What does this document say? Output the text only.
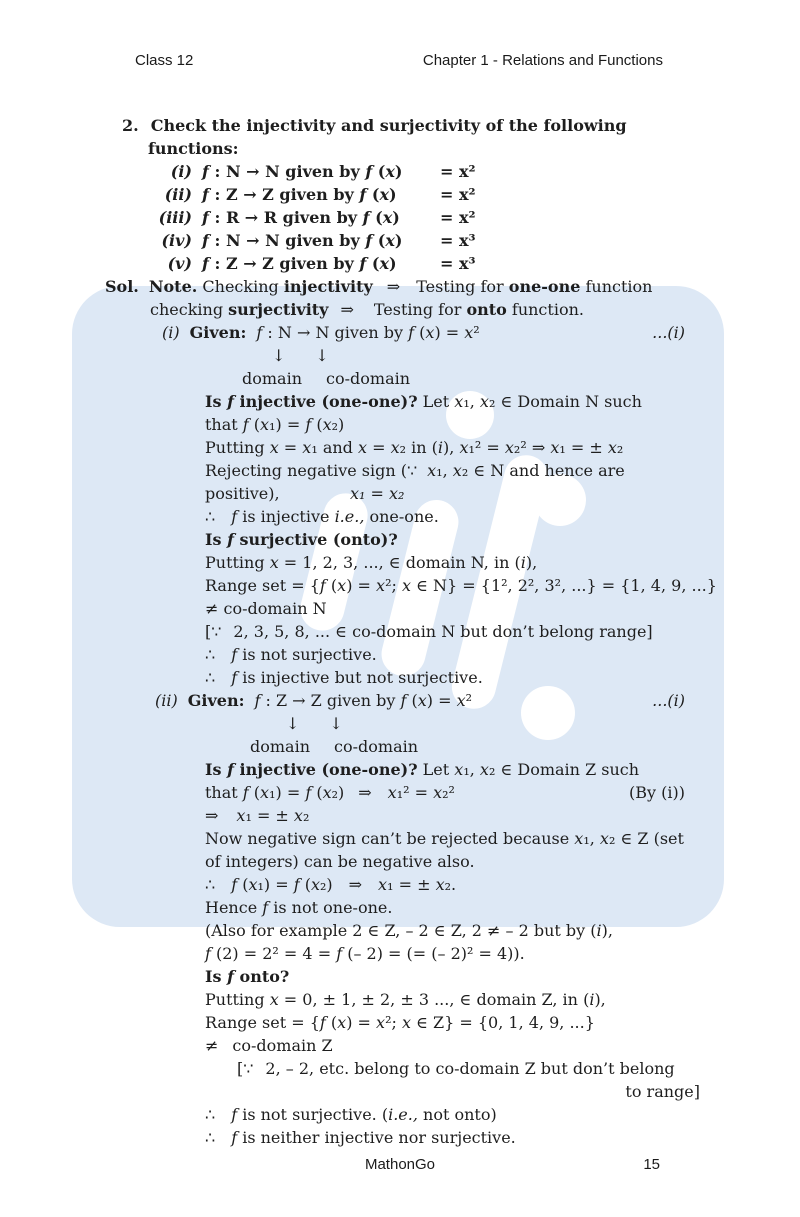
Class 12	Chapter 1 - Relations and Functions
2. Check the injectivity and surjectivity of the following
functions:
(i) f : N → N given by f (x) = x²
(ii) f : Z → Z given by f (x)	= x²
(iii) f : R → R given by f (x)	= x²
(iv) f : N → N given by f (x) = x³
(v) f : Z → Z given by f (x)	= x³
Sol. Note. Checking injectivity ⇒ Testing for one-one function
checking surjectivity ⇒ Testing for onto function.
(i) Given: f : N → N given by f (x) = x²	...(i)
↓ ↓
domain co-domain
Is f injective (one-one)? Let x₁, x₂ ∈ Domain N such
that f (x₁) = f (x₂)
Putting x = x₁ and x = x₂ in (i), x₁² = x₂² ⇒ x₁ = ± x₂
Rejecting negative sign (∵ x₁, x₂ ∈ N and hence are
positive),	x₁ = x₂
∴ f is injective i.e., one-one.
Is f surjective (onto)?
Putting x = 1, 2, 3, ..., ∈ domain N, in (i),
Range set = {f (x) = x²; x ∈ N} = {1², 2², 3², ...} = {1, 4, 9, ...}
≠ co-domain N
[∵ 2, 3, 5, 8, ... ∈ co-domain N but don’t belong range]
∴ f is not surjective.
∴ f is injective but not surjective.
(ii) Given: f : Z → Z given by f (x) = x²	...(i)
↓ ↓
domain co-domain
Is f injective (one-one)? Let x₁, x₂ ∈ Domain Z such
that f (x₁) = f (x₂) ⇒ x₁² = x₂²	(By (i))
⇒ x₁ = ± x₂
Now negative sign can’t be rejected because x₁, x₂ ∈ Z (set
of integers) can be negative also.
∴ f (x₁) = f (x₂) ⇒ x₁ = ± x₂.
Hence f is not one-one.
(Also for example 2 ∈ Z, – 2 ∈ Z, 2 ≠ – 2 but by (i),
f (2) = 2² = 4 = f (– 2) = (= (– 2)² = 4)).
Is f onto?
Putting x = 0, ± 1, ± 2, ± 3 ..., ∈ domain Z, in (i),
Range set = {f (x) = x²; x ∈ Z} = {0, 1, 4, 9, ...}
≠ co-domain Z
[∵ 2, – 2, etc. belong to co-domain Z but don’t belong
to range]
∴ f is not surjective. (i.e., not onto)
∴ f is neither injective nor surjective.
MathonGo	15
